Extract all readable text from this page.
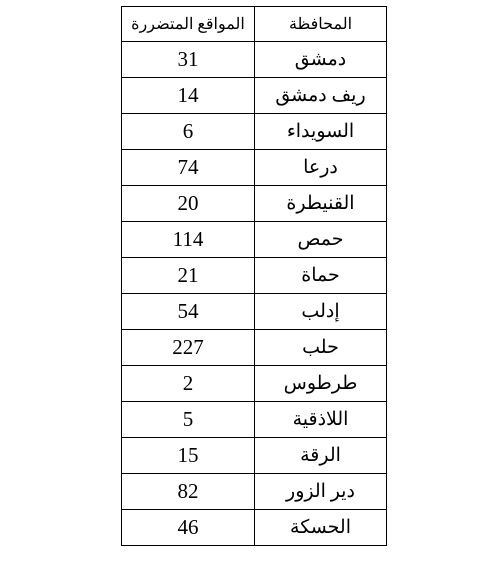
المواقع المتضررة	المحافظة
31	دمشق
14	ريف دمشق
6	السويداء
74	درعا
20	القنيطرة
114	حمص
21	حماة
54	إدلب
227	حلب
2	طرطوس
5	اللاذقية
15	الرقة
82	دير الزور
46	الحسكة
